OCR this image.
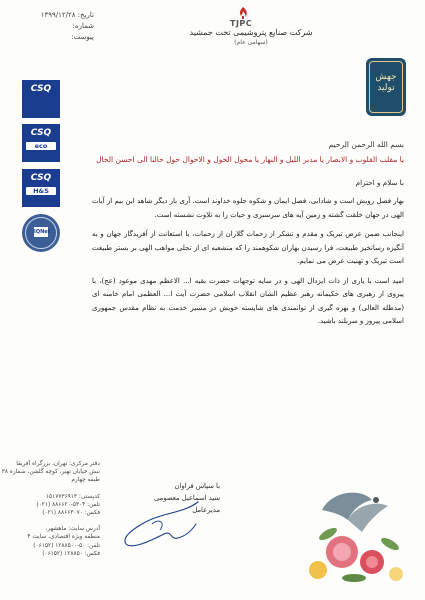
تاریخ: ۱۳۹۹/۱۲/۲۸
شماره:
پیوست:
TJPC
شرکت صنایع پتروشیمی تخت جمشید
(سهامی عام)
جهش تولید
CSQ
CSQ
eco
CSQ
H&S
IQNet
بسم الله الرحمن الرحیم
یا مقلب القلوب و الابصار یا مدبر اللیل و النهار یا محول الحول و الاحوال حول حالنا الی احسن الحال
با سلام و احترام
بهار فصل رویش است و شادابی، فصل ایمان و شکوه جلوه خداوند است. آری بار دیگر شاهد این بیم از آیات الهی در جهان خلقت گشته و زمین آیه های سرسبزی و حیات را به تلاوت نشسته است.
اینجانب ضمن عرض تبریک و مقدم و تشکر از زحمات گلاران از زحمات، با استعانت از آفریدگار جهان و به آنگیزه رساتخیز طبیعت، فرا رسیدن بهاران شکوهمند را که منشعبه ای از تجلی مواهب الهی بر بستر طبیعت است تبریک و تهنیت عرض می نمایم.
امید است با یاری از ذات ایزدال الهی و در سایه توجهات حضرت بقیه ا... الاعظم مهدی موعود (عج)، با پیروی از رهبری های حکیمانه رهبر عظیم الشان انقلاب اسلامی حضرت آیت ا... العظمی امام خامنه ای (مدظله العالی) و بهره گیری از توانمندی های شایسته خویش در مسیر خدمت به نظام مقدس جمهوری اسلامی پیروز و سربلند باشید.
با سپاس فراوان
سید اسماعیل معصومی
مدیرعامل
دفتر مرکزی: تهران، بزرگراه آفریقا
نبش خیابان تهیر، کوچه گلشن، شماره ۳۸
طبقه چهارم
کدپستی: ۱۵۱۷۷۳۶۹۱۳
تلفن: ۵۳۰۴-۸۸۶۶۲۰ (۰۲۱)
فکس: ۸۸۶۶۳۰۷۰ (۰۲۱)
آدرس سایت: ماهشهر،
منطقه ویژه اقتصادی، سایت ۴
تلفن: ۵۰-۱۲۸۸۵۰۰ (۰۶۱۵۲)
فکس: ۱۲۸۸۵۰ (۰۶۱۵۲)
